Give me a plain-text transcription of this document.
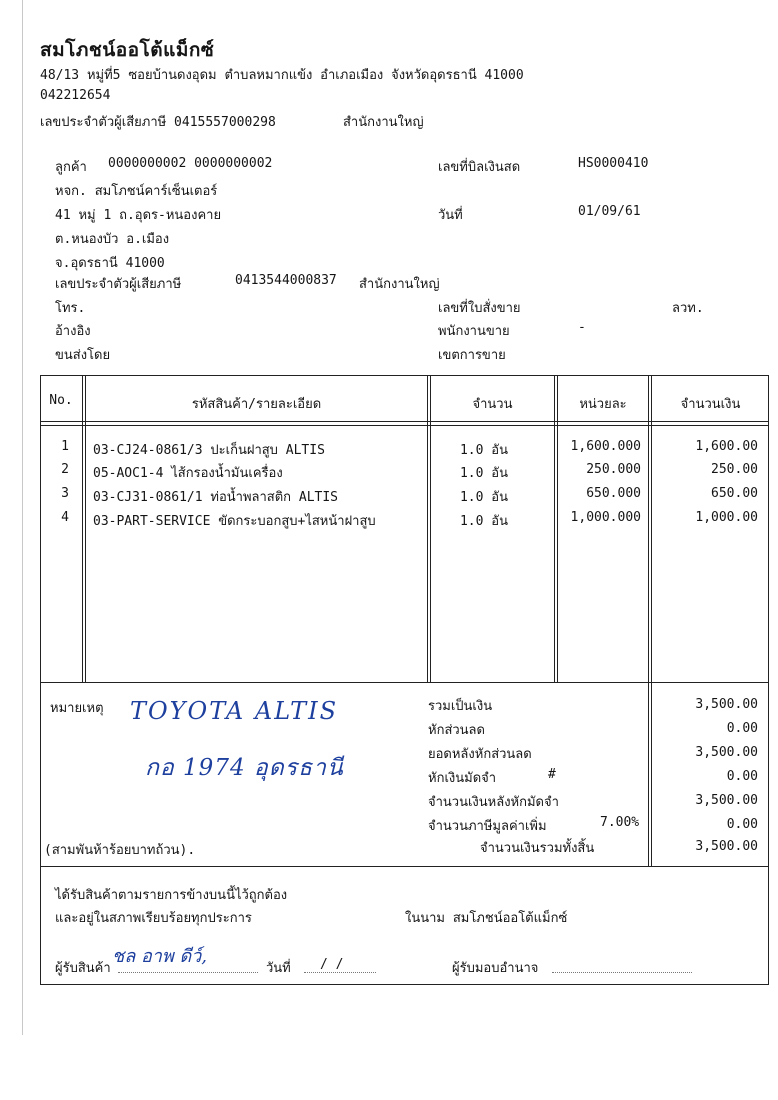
สมโภชน์ออโต้แม็กซ์
48/13 หมู่ที่5 ซอยบ้านดงอุดม ตำบลหมากแข้ง อำเภอเมือง จังหวัดอุดรธานี 41000
042212654
เลขประจำตัวผู้เสียภาษี 0415557000298	สำนักงานใหญ่
ลูกค้า 0000000002 0000000002
หจก. สมโภชน์คาร์เซ็นเตอร์
41 หมู่ 1 ถ.อุดร-หนองคาย
ต.หนองบัว อ.เมือง
จ.อุดรธานี 41000
เลขประจำตัวผู้เสียภาษี	0413544000837 สำนักงานใหญ่
โทร.
อ้างอิง
ขนส่งโดย
เลขที่บิลเงินสด	HS0000410
วันที่	01/09/61
เลขที่ใบสั่งขาย	ลวท.
พนักงานขาย	-
เขตการขาย
No.	รหัสสินค้า/รายละเอียด	จำนวน	หน่วยละ	จำนวนเงิน
1	03-CJ24-0861/3 ปะเก็นฝาสูบ ALTIS	1.0 อัน	1,600.000	1,600.00
2	05-AOC1-4 ไส้กรองน้ำมันเครื่อง	1.0 อัน	250.000	250.00
3	03-CJ31-0861/1 ท่อน้ำพลาสติก ALTIS	1.0 อัน	650.000	650.00
4	03-PART-SERVICE ขัดกระบอกสูบ+ไสหน้าฝาสูบ	1.0 อัน	1,000.000	1,000.00
หมายเหตุ TOYOTA ALTIS
กอ 1974 อุดรธานี
(สามพันห้าร้อยบาทถ้วน).
รวมเป็นเงิน	3,500.00
หักส่วนลด	0.00
ยอดหลังหักส่วนลด	3,500.00
หักเงินมัดจำ	#	0.00
จำนวนเงินหลังหักมัดจำ	3,500.00
จำนวนภาษีมูลค่าเพิ่ม	7.00%	0.00
จำนวนเงินรวมทั้งสิ้น	3,500.00
ได้รับสินค้าตามรายการข้างบนนี้ไว้ถูกต้อง
และอยู่ในสภาพเรียบร้อยทุกประการ	ในนาม สมโภชน์ออโต้แม็กซ์
ผู้รับสินค้า
ชล อาพ ดีว์,
วันที่ / /	ผู้รับมอบอำนาจ
